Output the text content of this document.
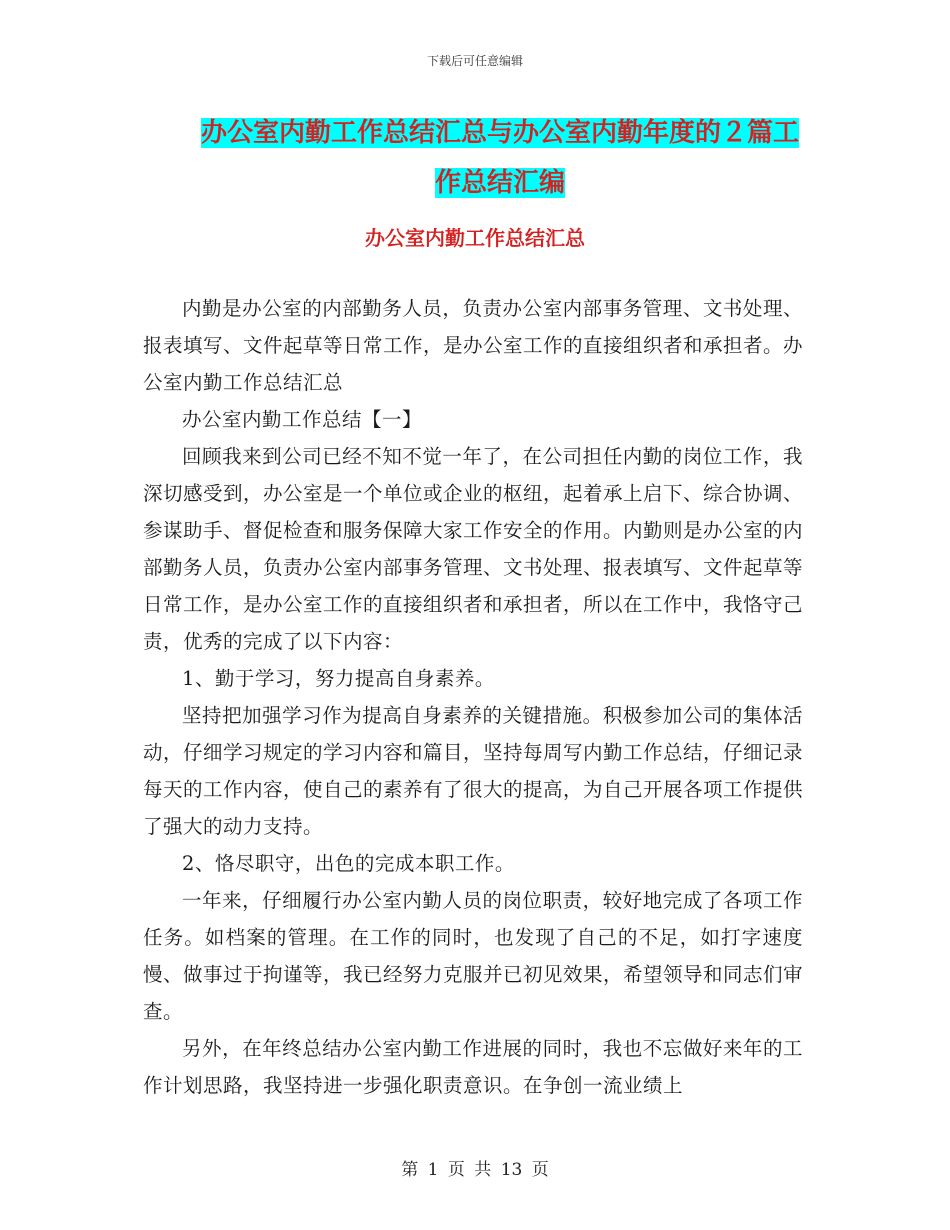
下载后可任意编辑
办公室内勤工作总结汇总与办公室内勤年度的２篇工
作总结汇编
办公室内勤工作总结汇总

内勤是办公室的内部勤务人员，负责办公室内部事务管理、文书处理、报表填写、文件起草等日常工作，是办公室工作的直接组织者和承担者。办公室内勤工作总结汇总

办公室内勤工作总结【一】

回顾我来到公司已经不知不觉一年了，在公司担任内勤的岗位工作，我深切感受到，办公室是一个单位或企业的枢纽，起着承上启下、综合协调、参谋助手、督促检查和服务保障大家工作安全的作用。内勤则是办公室的内部勤务人员，负责办公室内部事务管理、文书处理、报表填写、文件起草等日常工作，是办公室工作的直接组织者和承担者，所以在工作中，我恪守己责，优秀的完成了以下内容：

1、勤于学习，努力提高自身素养。

坚持把加强学习作为提高自身素养的关键措施。积极参加公司的集体活动，仔细学习规定的学习内容和篇目，坚持每周写内勤工作总结，仔细记录每天的工作内容，使自己的素养有了很大的提高，为自己开展各项工作提供了强大的动力支持。

2、恪尽职守，出色的完成本职工作。

一年来，仔细履行办公室内勤人员的岗位职责，较好地完成了各项工作任务。如档案的管理。在工作的同时，也发现了自己的不足，如打字速度慢、做事过于拘谨等，我已经努力克服并已初见效果，希望领导和同志们审查。

另外，在年终总结办公室内勤工作进展的同时，我也不忘做好来年的工作计划思路，我坚持进一步强化职责意识。在争创一流业绩上

第 1 页 共 13 页
